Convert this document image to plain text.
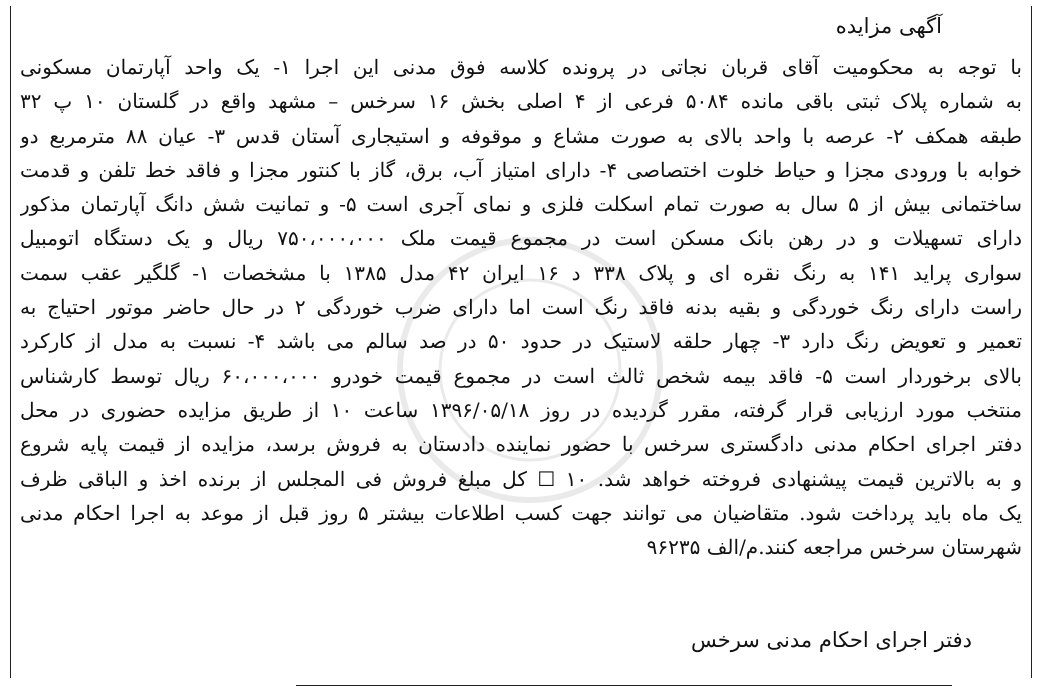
آگهی مزایده
با توجه به محکومیت آقای قربان نجاتی در پرونده کلاسه فوق مدنی این اجرا ۱- یک واحد آپارتمان مسکونی
به شماره پلاک ثبتی باقی مانده ۵۰۸۴ فرعی از ۴ اصلی بخش ۱۶ سرخس – مشهد واقع در گلستان ۱۰ پ ۳۲
طبقه همکف ۲- عرصه با واحد بالای به صورت مشاع و موقوفه و استیجاری آستان قدس ۳- عیان ۸۸ مترمربع دو
خوابه با ورودی مجزا و حیاط خلوت اختصاصی ۴- دارای امتیاز آب، برق، گاز با کنتور مجزا و فاقد خط تلفن و قدمت
ساختمانی بیش از ۵ سال به صورت تمام اسکلت فلزی و نمای آجری است ۵- و تمانیت شش دانگ آپارتمان مذکور
دارای تسهیلات و در رهن بانک مسکن است در مجموع قیمت ملک ۷۵۰،۰۰۰،۰۰۰ ریال و یک دستگاه اتومبیل
سواری پراید ۱۴۱ به رنگ نقره ای و پلاک ۳۳۸ د ۱۶ ایران ۴۲ مدل ۱۳۸۵ با مشخصات ۱- گلگیر عقب سمت
راست دارای رنگ خوردگی و بقیه بدنه فاقد رنگ است اما دارای ضرب خوردگی ۲ در حال حاضر موتور احتیاج به
تعمیر و تعویض رنگ دارد ۳- چهار حلقه لاستیک در حدود ۵۰ در صد سالم می باشد ۴- نسبت به مدل از کارکرد
بالای برخوردار است ۵- فاقد بیمه شخص ثالث است در مجموع قیمت خودرو ۶۰،۰۰۰،۰۰۰ ریال توسط کارشناس
منتخب مورد ارزیابی قرار گرفته، مقرر گردیده در روز ۱۳۹۶/۰۵/۱۸ ساعت ۱۰ از طریق مزایده حضوری در محل
دفتر اجرای احکام مدنی دادگستری سرخس با حضور نماینده دادستان به فروش برسد، مزایده از قیمت پایه شروع
و به بالاترین قیمت پیشنهادی فروخته خواهد شد. ۱۰ ☐ کل مبلغ فروش فی المجلس از برنده اخذ و الباقی ظرف
یک ماه باید پرداخت شود. متقاضیان می توانند جهت کسب اطلاعات بیشتر ۵ روز قبل از موعد به اجرا احکام مدنی
شهرستان سرخس مراجعه کنند.م/الف ۹۶۲۳۵
دفتر اجرای احکام مدنی سرخس
